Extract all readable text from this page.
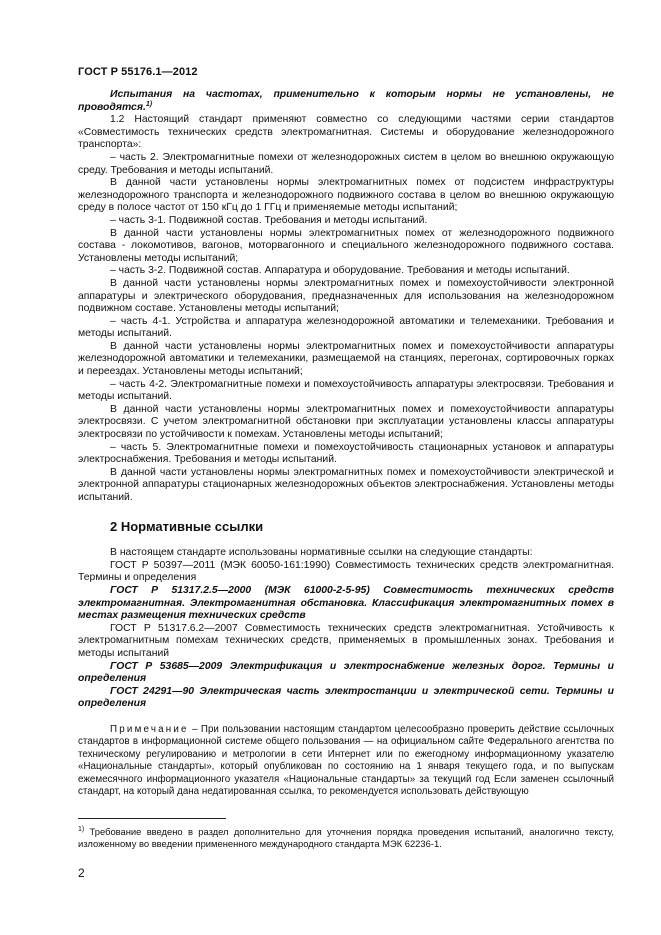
ГОСТ Р 55176.1—2012

Испытания на частотах, применительно к которым нормы не установлены, не проводятся.$^{1)}$

1.2 Настоящий стандарт применяют совместно со следующими частями серии стандартов «Совместимость технических средств электромагнитная. Системы и оборудование железнодорожного транспорта»:

– часть 2. Электромагнитные помехи от железнодорожных систем в целом во внешнюю окружающую среду. Требования и методы испытаний.

В данной части установлены нормы электромагнитных помех от подсистем инфраструктуры железнодорожного транспорта и железнодорожного подвижного состава в целом во внешнюю окружающую среду в полосе частот от 150 кГц до 1 ГГц и применяемые методы испытаний;

– часть 3-1. Подвижной состав. Требования и методы испытаний.

В данной части установлены нормы электромагнитных помех от железнодорожного подвижного состава - локомотивов, вагонов, моторвагонного и специального железнодорожного подвижного состава. Установлены методы испытаний;

– часть 3-2. Подвижной состав. Аппаратура и оборудование. Требования и методы испытаний.

В данной части установлены нормы электромагнитных помех и помехоустойчивости электронной аппаратуры и электрического оборудования, предназначенных для использования на железнодорожном подвижном составе. Установлены методы испытаний;

– часть 4-1. Устройства и аппаратура железнодорожной автоматики и телемеханики. Требования и методы испытаний.

В данной части установлены нормы электромагнитных помех и помехоустойчивости аппаратуры железнодорожной автоматики и телемеханики, размещаемой на станциях, перегонах, сортировочных горках и переездах. Установлены методы испытаний;

– часть 4-2. Электромагнитные помехи и помехоустойчивость аппаратуры электросвязи. Требования и методы испытаний.

В данной части установлены нормы электромагнитных помех и помехоустойчивости аппаратуры электросвязи. С учетом электромагнитной обстановки при эксплуатации установлены классы аппаратуры электросвязи по устойчивости к помехам. Установлены методы испытаний;

– часть 5. Электромагнитные помехи и помехоустойчивость стационарных установок и аппаратуры электроснабжения. Требования и методы испытаний.

В данной части установлены нормы электромагнитных помех и помехоустойчивости электрической и электронной аппаратуры стационарных железнодорожных объектов электроснабжения. Установлены методы испытаний.

2 Нормативные ссылки

В настоящем стандарте использованы нормативные ссылки на следующие стандарты:

ГОСТ Р 50397—2011 (МЭК 60050-161:1990) Совместимость технических средств электромагнитная. Термины и определения

ГОСТ Р 51317.2.5—2000 (МЭК 61000-2-5-95) Совместимость технических средств электромагнитная. Электромагнитная обстановка. Классификация электромагнитных помех в местах размещения технических средств

ГОСТ Р 51317.6.2—2007 Совместимость технических средств электромагнитная. Устойчивость к электромагнитным помехам технических средств, применяемых в промышленных зонах. Требования и методы испытаний

ГОСТ Р 53685—2009 Электрификация и электроснабжение железных дорог. Термины и определения

ГОСТ 24291—90 Электрическая часть электростанции и электрической сети. Термины и определения

Примечание – При пользовании настоящим стандартом целесообразно проверить действие ссылочных стандартов в информационной системе общего пользования — на официальном сайте Федерального агентства по техническому регулированию и метрологии в сети Интернет или по ежегодному информационному указателю «Национальные стандарты», который опубликован по состоянию на 1 января текущего года, и по выпускам ежемесячного информационного указателя «Национальные стандарты» за текущий год Если заменен ссылочный стандарт, на который дана недатированная ссылка, то рекомендуется использовать действующую

$^{1)}$ Требование введено в раздел дополнительно для уточнения порядка проведения испытаний, аналогично тексту, изложенному во введении примененного международного стандарта МЭК 62236-1.
2
